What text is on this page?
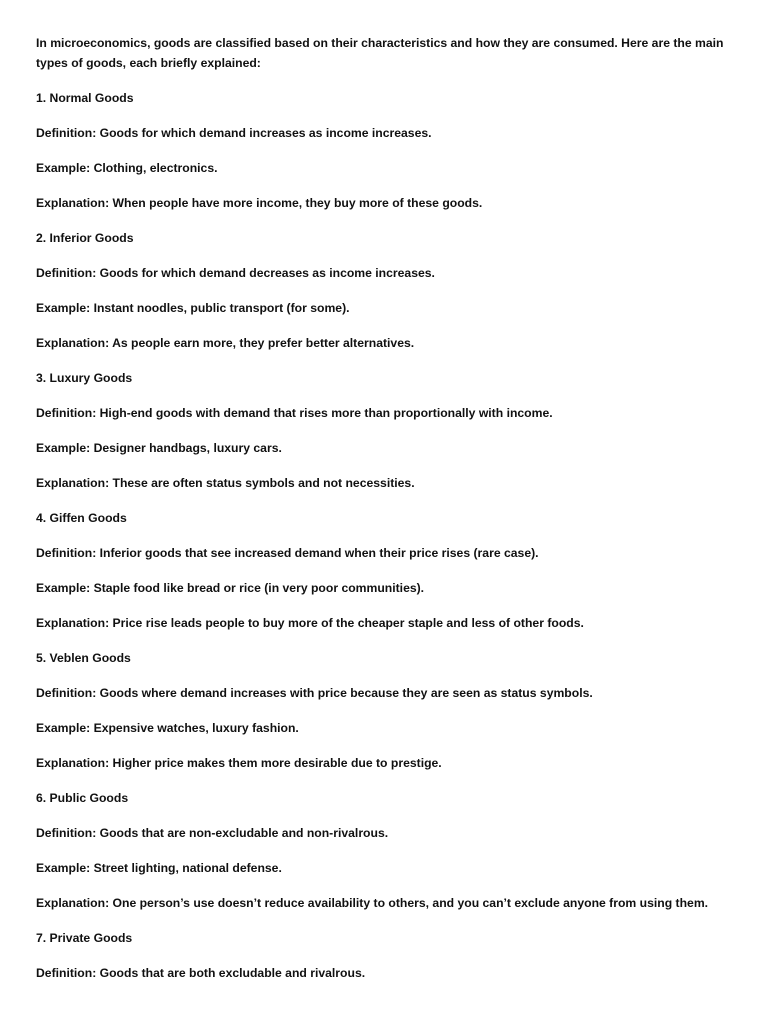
In microeconomics, goods are classified based on their characteristics and how they are consumed. Here are the main types of goods, each briefly explained:

1. Normal Goods

Definition: Goods for which demand increases as income increases.

Example: Clothing, electronics.

Explanation: When people have more income, they buy more of these goods.

2. Inferior Goods

Definition: Goods for which demand decreases as income increases.

Example: Instant noodles, public transport (for some).

Explanation: As people earn more, they prefer better alternatives.

3. Luxury Goods

Definition: High-end goods with demand that rises more than proportionally with income.

Example: Designer handbags, luxury cars.

Explanation: These are often status symbols and not necessities.

4. Giffen Goods

Definition: Inferior goods that see increased demand when their price rises (rare case).

Example: Staple food like bread or rice (in very poor communities).

Explanation: Price rise leads people to buy more of the cheaper staple and less of other foods.

5. Veblen Goods

Definition: Goods where demand increases with price because they are seen as status symbols.

Example: Expensive watches, luxury fashion.

Explanation: Higher price makes them more desirable due to prestige.

6. Public Goods

Definition: Goods that are non-excludable and non-rivalrous.

Example: Street lighting, national defense.

Explanation: One person’s use doesn’t reduce availability to others, and you can’t exclude anyone from using them.

7. Private Goods

Definition: Goods that are both excludable and rivalrous.
